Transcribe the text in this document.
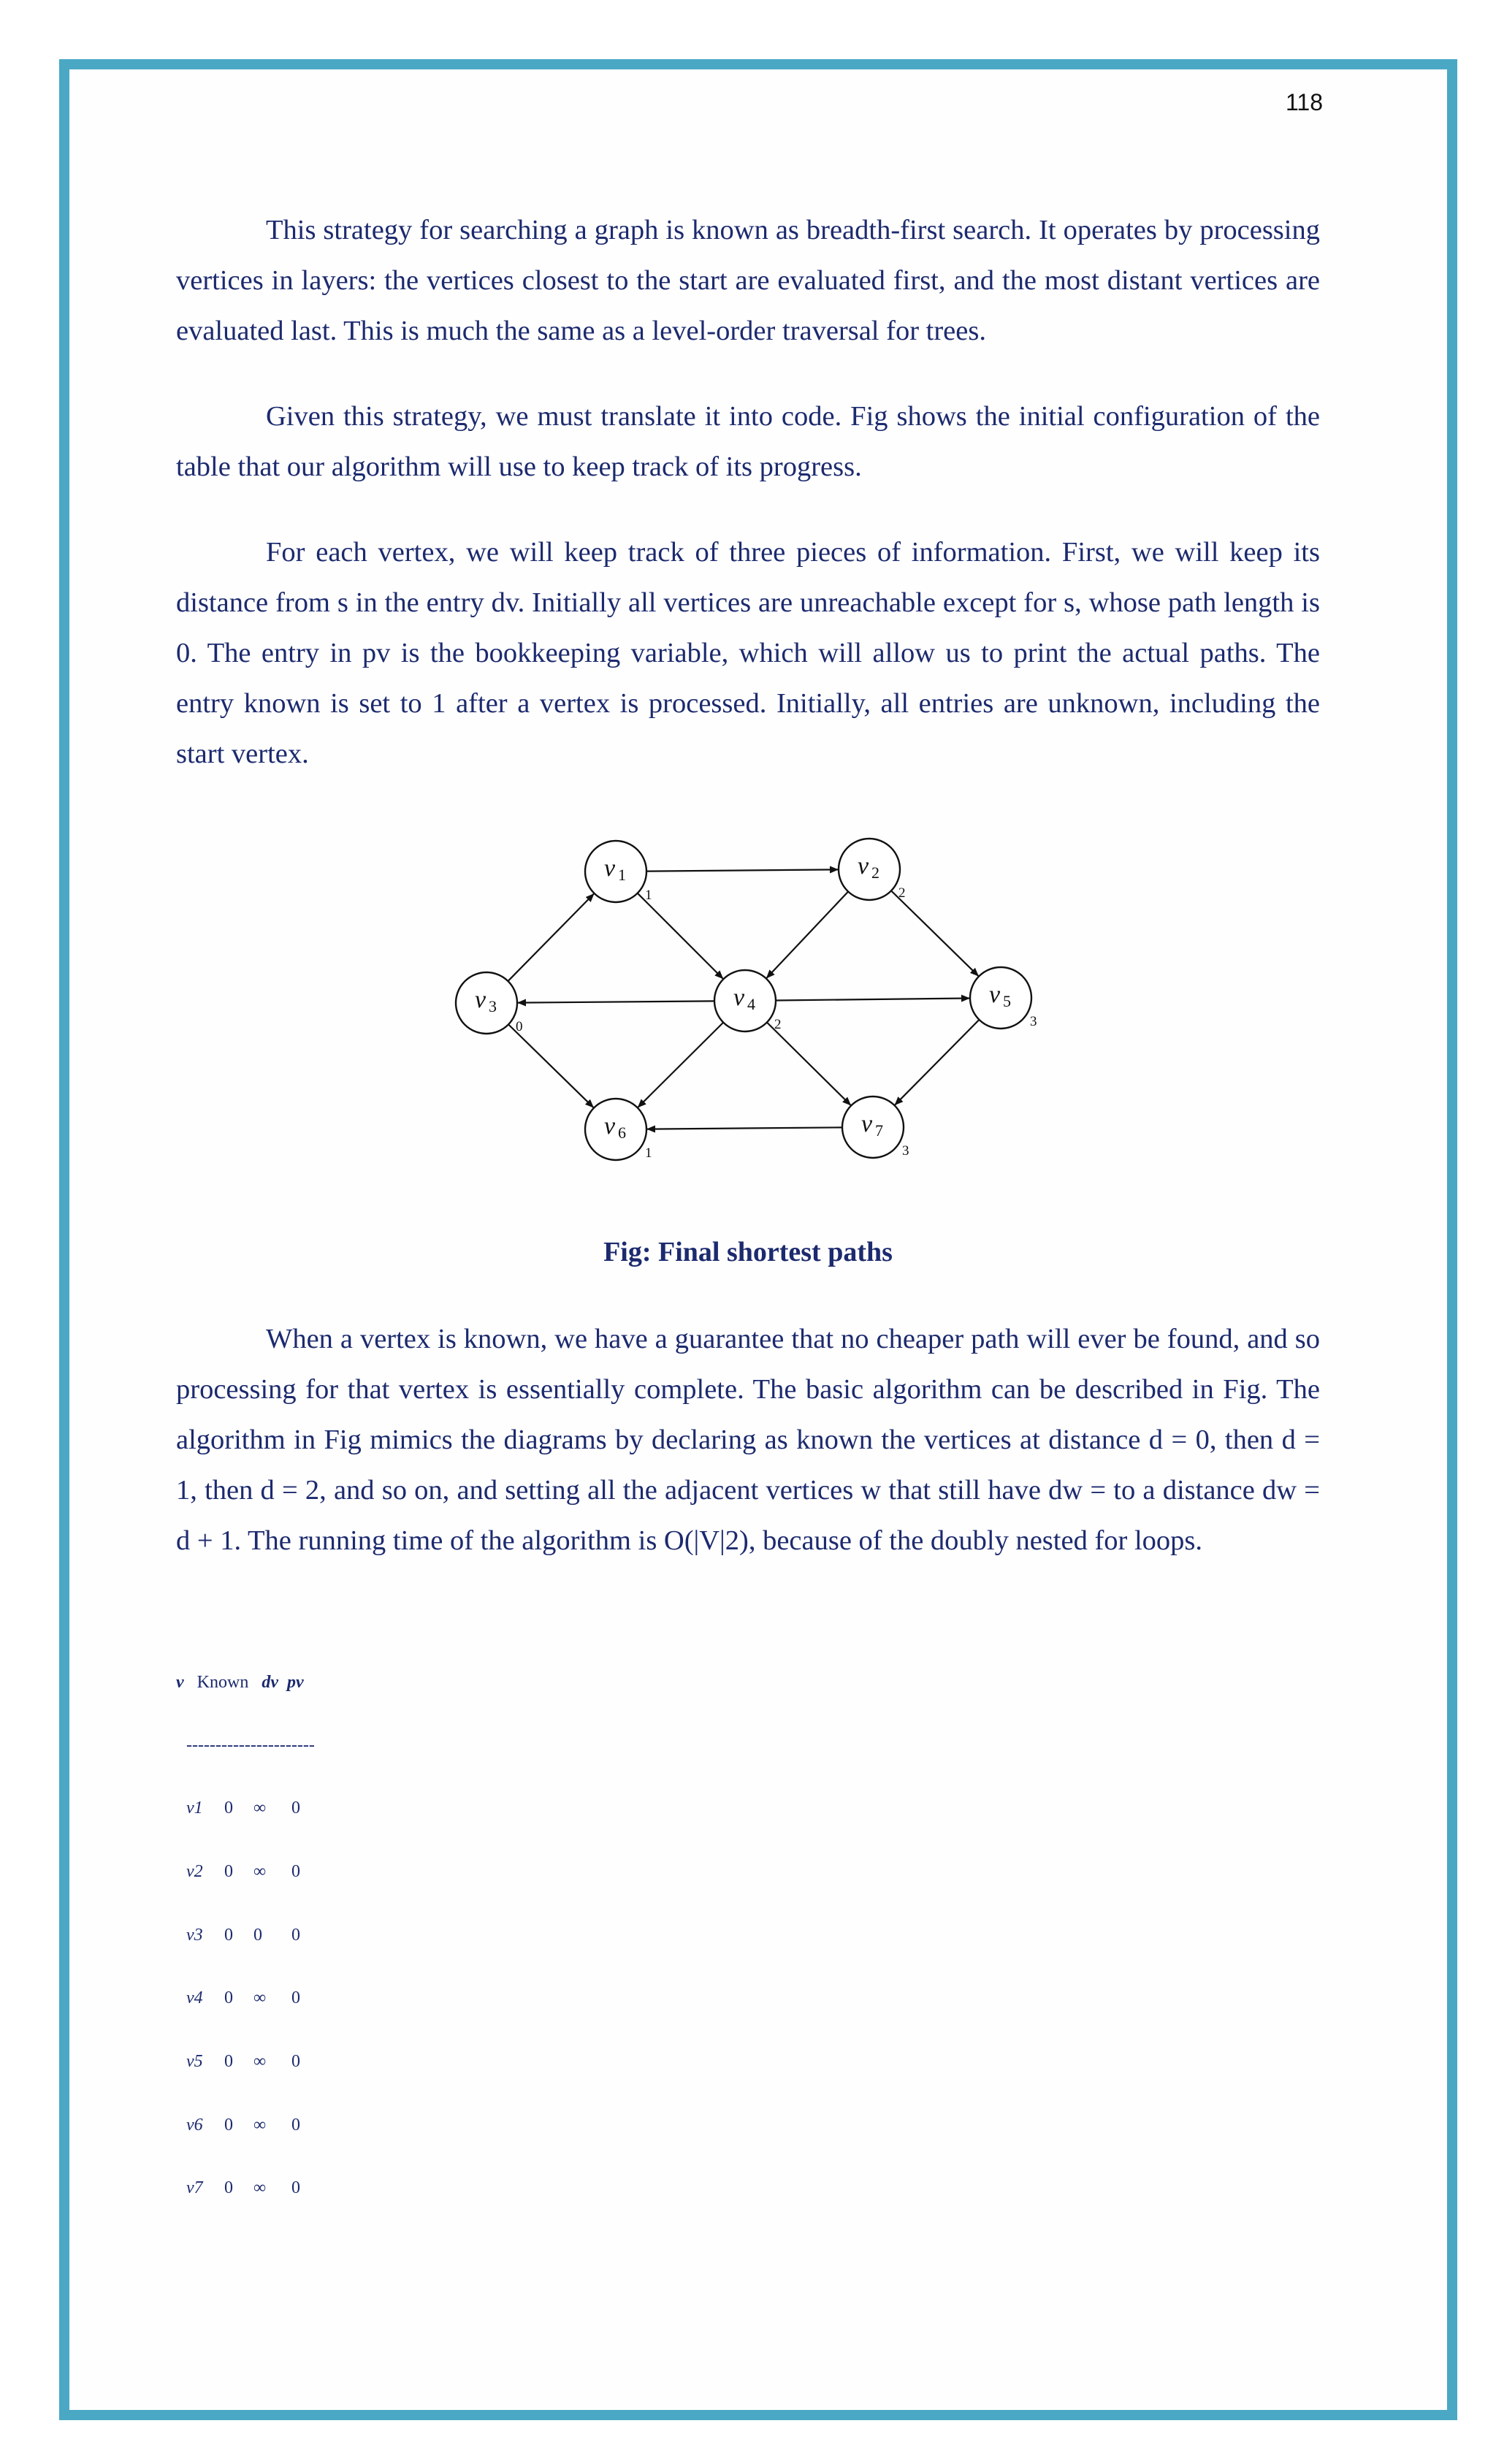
118

This strategy for searching a graph is known as breadth-first search. It operates by processing vertices in layers: the vertices closest to the start are evaluated first, and the most distant vertices are evaluated last. This is much the same as a level-order traversal for trees.

Given this strategy, we must translate it into code. Fig shows the initial configuration of the table that our algorithm will use to keep track of its progress.

For each vertex, we will keep track of three pieces of information. First, we will keep its distance from s in the entry dv. Initially all vertices are unreachable except for s, whose path length is 0. The entry in pv is the bookkeeping variable, which will allow us to print the actual paths. The entry known is set to 1 after a vertex is processed. Initially, all entries are unknown, including the start vertex.

v 1
1
v 2
2
v 3
0
v 4
2
v 5
3
v 6
1
v 7
3
Fig: Final shortest paths

When a vertex is known, we have a guarantee that no cheaper path will ever be found, and so processing for that vertex is essentially complete. The basic algorithm can be described in Fig. The algorithm in Fig mimics the diagrams by declaring as known the vertices at distance d = 0, then d = 1, then d = 2, and so on, and setting all the adjacent vertices w that still have dw = to a distance dw = d + 1. The running time of the algorithm is O(|V|2), because of the doubly nested for loops.

v Known dv pv
----------------------
v1 0 ∞ 0
v2 0 ∞ 0
v3 0 0 0
v4 0 ∞ 0
v5 0 ∞ 0
v6 0 ∞ 0
v7 0 ∞ 0
